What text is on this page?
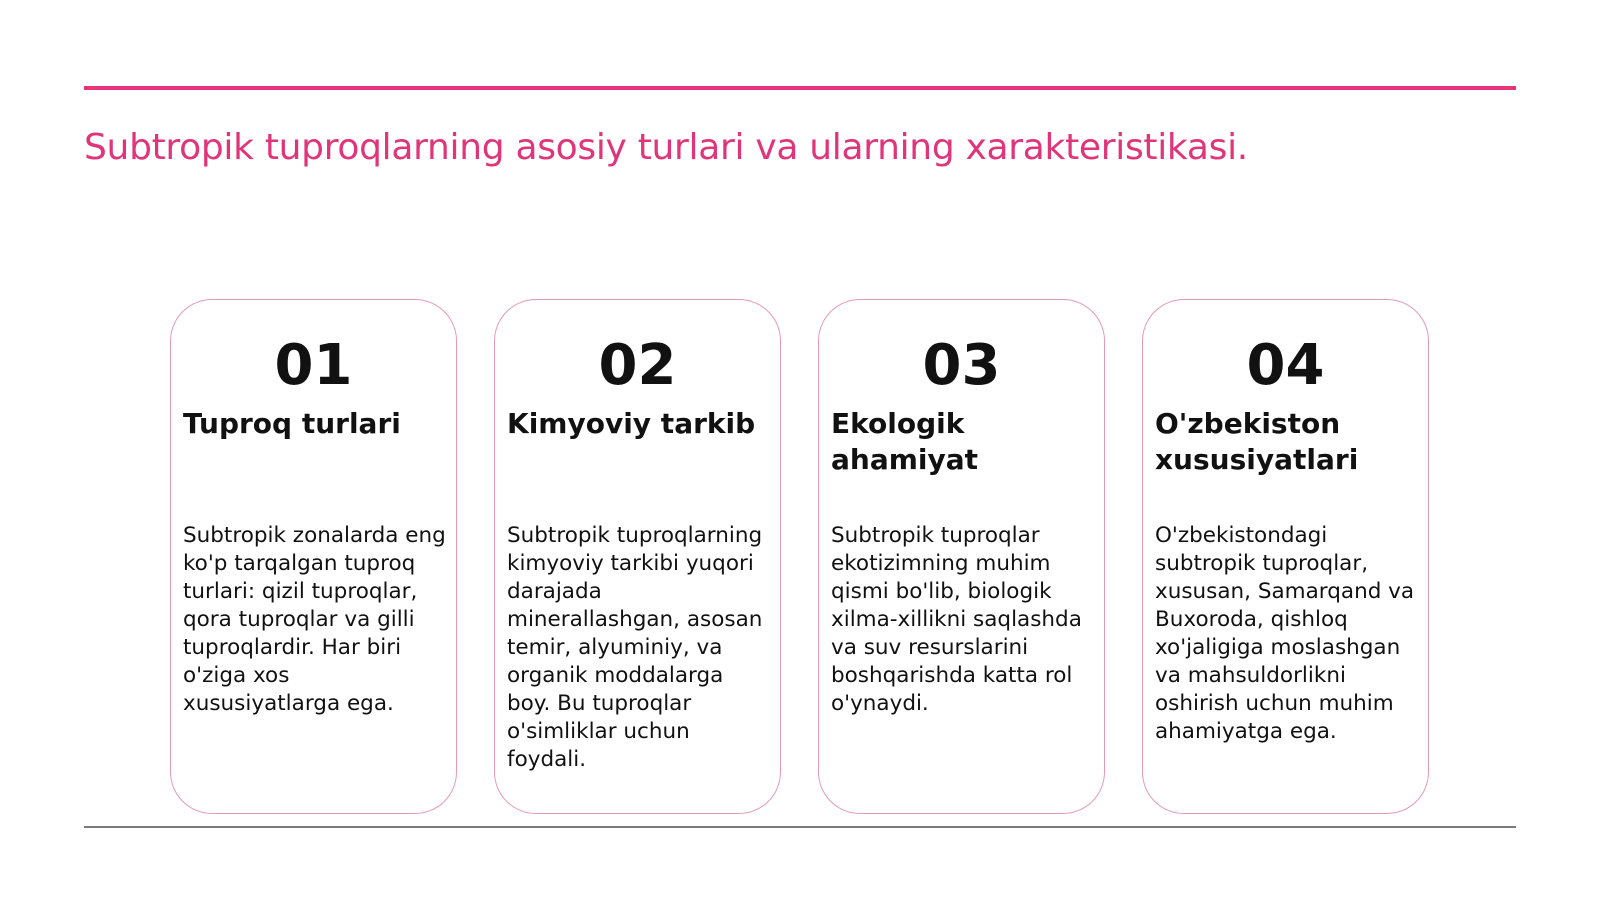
Subtropik tuproqlarning asosiy turlari va ularning xarakteristikasi.
01
Tuproq turlari

Subtropik zonalarda eng ko'p tarqalgan tuproq turlari: qizil tuproqlar, qora tuproqlar va gilli tuproqlardir. Har biri o'ziga xos xususiyatlarga ega.

02
Kimyoviy tarkib

Subtropik tuproqlarning kimyoviy tarkibi yuqori darajada minerallashgan, asosan temir, alyuminiy, va organik moddalarga boy. Bu tuproqlar o'simliklar uchun foydali.

03
Ekologik ahamiyat

Subtropik tuproqlar ekotizimning muhim qismi bo'lib, biologik xilma-xillikni saqlashda va suv resurslarini boshqarishda katta rol o'ynaydi.

04
O'zbekiston xususiyatlari

O'zbekistondagi subtropik tuproqlar, xususan, Samarqand va Buxoroda, qishloq xo'jaligiga moslashgan va mahsuldorlikni oshirish uchun muhim ahamiyatga ega.
